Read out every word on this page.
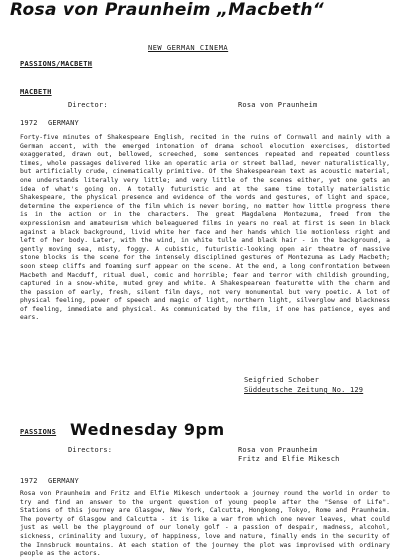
Rosa von Praunheim „Macbeth“
NEW GERMAN CINEMA
PASSIONS/MACBETH
MACBETH
Director:	Rosa von Praunheim
1972 GERMANY
Forty-five minutes of Shakespeare English, recited in the ruins of Cornwall and mainly with a German accent, with the emerged intonation of drama school elocution exercises, distorted exaggerated, drawn out, bellowed, screeched, some sentences repeated and repeated countless times, whole passages delivered like an operatic aria or street ballad, never naturalistically, but artificially crude, cinematically primitive. Of the Shakespearean text as acoustic material, one understands literally very little; and very little of the scenes either, yet one gets an idea of what's going on. A totally futuristic and at the same time totally materialistic Shakespeare, the physical presence and evidence of the words and gestures, of light and space, determine the experience of the film which is never boring, no matter how little progress there is in the action or in the characters. The great Magdalena Montezuma, freed from the expressionism and amateurism which beleaguered films in years no real at first is seen in black against a black background, livid white her face and her hands which lie motionless right and left of her body. Later, with the wind, in white tulle and black hair - in the background, a gently moving sea, misty, foggy. A cubistic, futuristic-looking open air theatre of massive stone blocks is the scene for the intensely disciplined gestures of Montezuma as Lady Macbeth; soon steep cliffs and foaming surf appear on the scene. At the end, a long confrontation between Macbeth and Macduff, ritual duel, comic and horrible; fear and terror with childish grounding, captured in a snow-white, muted grey and white. A Shakespearean featurette with the charm and the passion of early, fresh, silent film days, not very monumental but very poetic. A lot of physical feeling, power of speech and magic of light, northern light, silverglow and blackness of feeling, immediate and physical. As communicated by the film, if one has patience, eyes and ears.
Seigfried Schober
Süddeutsche Zeitung No. 129
PASSIONS Wednesday 9pm
Directors:	Rosa von Praunheim
Fritz and Elfie Mikesch
1972 GERMANY
Rosa von Praunheim and Fritz and Elfie Mikesch undertook a journey round the world in order to try and find an answer to the urgent question of young people after the "Sense of Life". Stations of this journey are Glasgow, New York, Calcutta, Hongkong, Tokyo, Rome and Praunheim. The poverty of Glasgow and Calcutta - it is like a war from which one never leaves, what could just as well be the playground of our lonely golf - a passion of despair, madness, alcohol, sickness, criminality and luxury, of happiness, love and nature, finally ends in the security of the Innsbruck mountains. At each station of the journey the plot was improvised with ordinary people as the actors.
